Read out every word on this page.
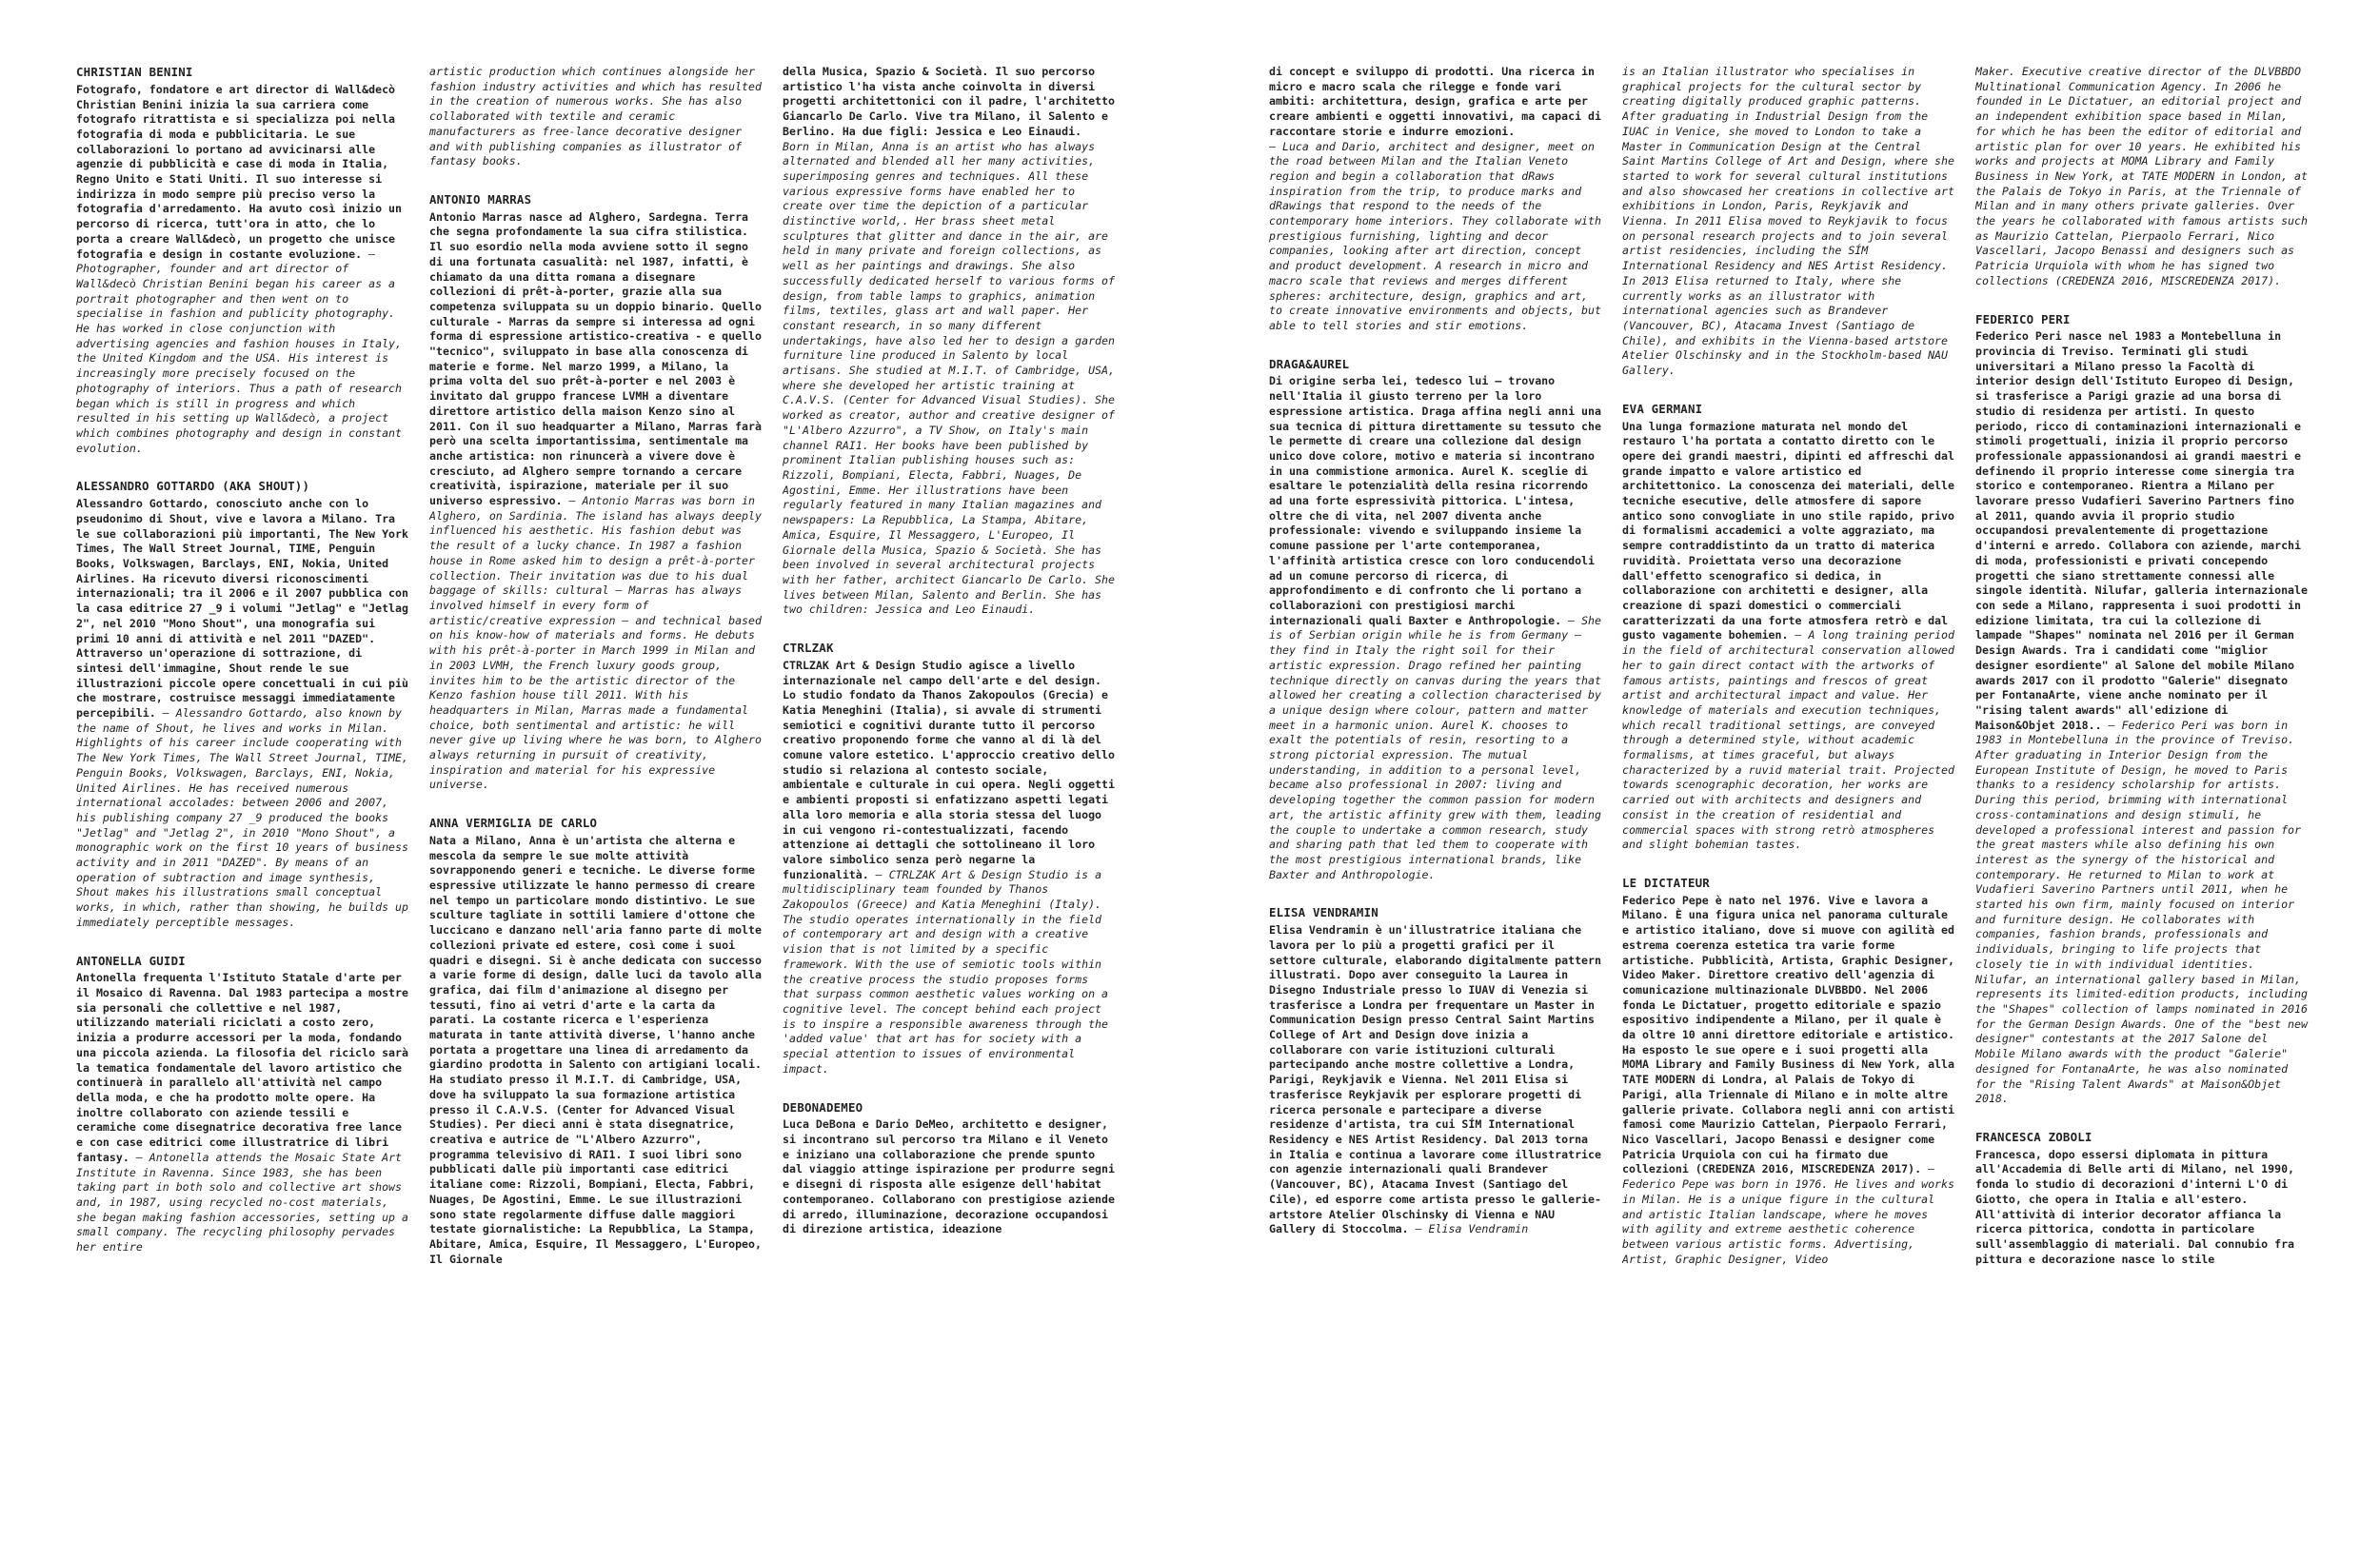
CHRISTIAN BENINI
Fotografo, fondatore e art director di Wall&decò Christian Benini inizia la sua carriera come fotografo ritrattista e si specializza poi nella fotografia di moda e pubblicitaria. Le sue collaborazioni lo portano ad avvicinarsi alle agenzie di pubblicità e case di moda in Italia, Regno Unito e Stati Uniti. Il suo interesse si indirizza in modo sempre più preciso verso la fotografia d'arredamento. Ha avuto così inizio un percorso di ricerca, tutt'ora in atto, che lo porta a creare Wall&decò, un progetto che unisce fotografia e design in costante evoluzione. – Photographer, founder and art director of Wall&decò Christian Benini began his career as a portrait photographer and then went on to specialise in fashion and publicity photography. He has worked in close conjunction with advertising agencies and fashion houses in Italy, the United Kingdom and the USA. His interest is increasingly more precisely focused on the photography of interiors. Thus a path of research began which is still in progress and which resulted in his setting up Wall&decò, a project which combines photography and design in constant evolution.
ALESSANDRO GOTTARDO (AKA SHOUT))
Alessandro Gottardo, conosciuto anche con lo pseudonimo di Shout, vive e lavora a Milano. Tra le sue collaborazioni più importanti, The New York Times, The Wall Street Journal, TIME, Penguin Books, Volkswagen, Barclays, ENI, Nokia, United Airlines. Ha ricevuto diversi riconoscimenti internazionali; tra il 2006 e il 2007 pubblica con la casa editrice 27 _9 i volumi "Jetlag" e "Jetlag 2", nel 2010 "Mono Shout", una monografia sui primi 10 anni di attività e nel 2011 "DAZED". Attraverso un'operazione di sottrazione, di sintesi dell'immagine, Shout rende le sue illustrazioni piccole opere concettuali in cui più che mostrare, costruisce messaggi immediatamente percepibili. – Alessandro Gottardo, also known by the name of Shout, he lives and works in Milan. Highlights of his career include cooperating with The New York Times, The Wall Street Journal, TIME, Penguin Books, Volkswagen, Barclays, ENI, Nokia, United Airlines. He has received numerous international accolades: between 2006 and 2007, his publishing company 27 _9 produced the books "Jetlag" and "Jetlag 2", in 2010 "Mono Shout", a monographic work on the first 10 years of business activity and in 2011 "DAZED". By means of an operation of subtraction and image synthesis, Shout makes his illustrations small conceptual works, in which, rather than showing, he builds up immediately perceptible messages.
ANTONELLA GUIDI
Antonella frequenta l'Istituto Statale d'arte per il Mosaico di Ravenna. Dal 1983 partecipa a mostre sia personali che collettive e nel 1987, utilizzando materiali riciclati a costo zero, inizia a produrre accessori per la moda, fondando una piccola azienda. La filosofia del riciclo sarà la tematica fondamentale del lavoro artistico che continuerà in parallelo all'attività nel campo della moda, e che ha prodotto molte opere. Ha inoltre collaborato con aziende tessili e ceramiche come disegnatrice decorativa free lance e con case editrici come illustratrice di libri fantasy. – Antonella attends the Mosaic State Art Institute in Ravenna. Since 1983, she has been taking part in both solo and collective art shows and, in 1987, using recycled no-cost materials, she began making fashion accessories, setting up a small company. The recycling philosophy pervades her entire
artistic production which continues alongside her fashion industry activities and which has resulted in the creation of numerous works. She has also collaborated with textile and ceramic manufacturers as free-lance decorative designer and with publishing companies as illustrator of fantasy books.
ANTONIO MARRAS
Antonio Marras nasce ad Alghero, Sardegna. Terra che segna profondamente la sua cifra stilistica. Il suo esordio nella moda avviene sotto il segno di una fortunata casualità: nel 1987, infatti, è chiamato da una ditta romana a disegnare collezioni di prêt-à-porter, grazie alla sua competenza sviluppata su un doppio binario. Quello culturale - Marras da sempre si interessa ad ogni forma di espressione artistico-creativa - e quello "tecnico", sviluppato in base alla conoscenza di materie e forme. Nel marzo 1999, a Milano, la prima volta del suo prêt-à-porter e nel 2003 è invitato dal gruppo francese LVMH a diventare direttore artistico della maison Kenzo sino al 2011. Con il suo headquarter a Milano, Marras farà però una scelta importantissima, sentimentale ma anche artistica: non rinuncerà a vivere dove è cresciuto, ad Alghero sempre tornando a cercare creatività, ispirazione, materiale per il suo universo espressivo. – Antonio Marras was born in Alghero, on Sardinia. The island has always deeply influenced his aesthetic. His fashion debut was the result of a lucky chance. In 1987 a fashion house in Rome asked him to design a prêt-à-porter collection. Their invitation was due to his dual baggage of skills: cultural – Marras has always involved himself in every form of artistic/creative expression – and technical based on his know-how of materials and forms. He debuts with his prêt-à-porter in March 1999 in Milan and in 2003 LVMH, the French luxury goods group, invites him to be the artistic director of the Kenzo fashion house till 2011. With his headquarters in Milan, Marras made a fundamental choice, both sentimental and artistic: he will never give up living where he was born, to Alghero always returning in pursuit of creativity, inspiration and material for his expressive universe.
ANNA VERMIGLIA DE CARLO
Nata a Milano, Anna è un'artista che alterna e mescola da sempre le sue molte attività sovrapponendo generi e tecniche. Le diverse forme espressive utilizzate le hanno permesso di creare nel tempo un particolare mondo distintivo. Le sue sculture tagliate in sottili lamiere d'ottone che luccicano e danzano nell'aria fanno parte di molte collezioni private ed estere, così come i suoi quadri e disegni. Si è anche dedicata con successo a varie forme di design, dalle luci da tavolo alla grafica, dai film d'animazione al disegno per tessuti, fino ai vetri d'arte e la carta da parati. La costante ricerca e l'esperienza maturata in tante attività diverse, l'hanno anche portata a progettare una linea di arredamento da giardino prodotta in Salento con artigiani locali. Ha studiato presso il M.I.T. di Cambridge, USA, dove ha sviluppato la sua formazione artistica presso il C.A.V.S. (Center for Advanced Visual Studies). Per dieci anni è stata disegnatrice, creativa e autrice de "L'Albero Azzurro", programma televisivo di RAI1. I suoi libri sono pubblicati dalle più importanti case editrici italiane come: Rizzoli, Bompiani, Electa, Fabbri, Nuages, De Agostini, Emme. Le sue illustrazioni sono state regolarmente diffuse dalle maggiori testate giornalistiche: La Repubblica, La Stampa, Abitare, Amica, Esquire, Il Messaggero, L'Europeo, Il Giornale
della Musica, Spazio & Società. Il suo percorso artistico l'ha vista anche coinvolta in diversi progetti architettonici con il padre, l'architetto Giancarlo De Carlo. Vive tra Milano, il Salento e Berlino. Ha due figli: Jessica e Leo Einaudi.
Born in Milan, Anna is an artist who has always alternated and blended all her many activities, superimposing genres and techniques. All these various expressive forms have enabled her to create over time the depiction of a particular distinctive world,. Her brass sheet metal sculptures that glitter and dance in the air, are held in many private and foreign collections, as well as her paintings and drawings. She also successfully dedicated herself to various forms of design, from table lamps to graphics, animation films, textiles, glass art and wall paper. Her constant research, in so many different undertakings, have also led her to design a garden furniture line produced in Salento by local artisans. She studied at M.I.T. of Cambridge, USA, where she developed her artistic training at C.A.V.S. (Center for Advanced Visual Studies). She worked as creator, author and creative designer of "L'Albero Azzurro", a TV Show, on Italy's main channel RAI1. Her books have been published by prominent Italian publishing houses such as: Rizzoli, Bompiani, Electa, Fabbri, Nuages, De Agostini, Emme. Her illustrations have been regularly featured in many Italian magazines and newspapers: La Repubblica, La Stampa, Abitare, Amica, Esquire, Il Messaggero, L'Europeo, Il Giornale della Musica, Spazio & Società. She has been involved in several architectural projects with her father, architect Giancarlo De Carlo. She lives between Milan, Salento and Berlin. She has two children: Jessica and Leo Einaudi.
CTRLZAK
CTRLZAK Art & Design Studio agisce a livello internazionale nel campo dell'arte e del design. Lo studio fondato da Thanos Zakopoulos (Grecia) e Katia Meneghini (Italia), si avvale di strumenti semiotici e cognitivi durante tutto il percorso creativo proponendo forme che vanno al di là del comune valore estetico. L'approccio creativo dello studio si relaziona al contesto sociale, ambientale e culturale in cui opera. Negli oggetti e ambienti proposti si enfatizzano aspetti legati alla loro memoria e alla storia stessa del luogo in cui vengono ri-contestualizzati, facendo attenzione ai dettagli che sottolineano il loro valore simbolico senza però negarne la funzionalità. – CTRLZAK Art & Design Studio is a multidisciplinary team founded by Thanos Zakopoulos (Greece) and Katia Meneghini (Italy). The studio operates internationally in the field of contemporary art and design with a creative vision that is not limited by a specific framework. With the use of semiotic tools within the creative process the studio proposes forms that surpass common aesthetic values working on a cognitive level. The concept behind each project is to inspire a responsible awareness through the 'added value' that art has for society with a special attention to issues of environmental impact.
DEBONADEMEO
Luca DeBona e Dario DeMeo, architetto e designer, si incontrano sul percorso tra Milano e il Veneto e iniziano una collaborazione che prende spunto dal viaggio attinge ispirazione per produrre segni e disegni di risposta alle esigenze dell'habitat contemporaneo. Collaborano con prestigiose aziende di arredo, illuminazione, decorazione occupandosi di direzione artistica, ideazione
di concept e sviluppo di prodotti. Una ricerca in micro e macro scala che rilegge e fonde vari ambiti: architettura, design, grafica e arte per creare ambienti e oggetti innovativi, ma capaci di raccontare storie e indurre emozioni.
– Luca and Dario, architect and designer, meet on the road between Milan and the Italian Veneto region and begin a collaboration that dRaws inspiration from the trip, to produce marks and dRawings that respond to the needs of the contemporary home interiors. They collaborate with prestigious furnishing, lighting and decor companies, looking after art direction, concept and product development. A research in micro and macro scale that reviews and merges different spheres: architecture, design, graphics and art, to create innovative environments and objects, but able to tell stories and stir emotions.
DRAGA&AUREL
Di origine serba lei, tedesco lui – trovano nell'Italia il giusto terreno per la loro espressione artistica. Draga affina negli anni una sua tecnica di pittura direttamente su tessuto che le permette di creare una collezione dal design unico dove colore, motivo e materia si incontrano in una commistione armonica. Aurel K. sceglie di esaltare le potenzialità della resina ricorrendo ad una forte espressività pittorica. L'intesa, oltre che di vita, nel 2007 diventa anche professionale: vivendo e sviluppando insieme la comune passione per l'arte contemporanea, l'affinità artistica cresce con loro conducendoli ad un comune percorso di ricerca, di approfondimento e di confronto che li portano a collaborazioni con prestigiosi marchi internazionali quali Baxter e Anthropologie. – She is of Serbian origin while he is from Germany – they find in Italy the right soil for their artistic expression. Drago refined her painting technique directly on canvas during the years that allowed her creating a collection characterised by a unique design where colour, pattern and matter meet in a harmonic union. Aurel K. chooses to exalt the potentials of resin, resorting to a strong pictorial expression. The mutual understanding, in addition to a personal level, became also professional in 2007: living and developing together the common passion for modern art, the artistic affinity grew with them, leading the couple to undertake a common research, study and sharing path that led them to cooperate with the most prestigious international brands, like Baxter and Anthropologie.
ELISA VENDRAMIN
Elisa Vendramin è un'illustratrice italiana che lavora per lo più a progetti grafici per il settore culturale, elaborando digitalmente pattern illustrati. Dopo aver conseguito la Laurea in Disegno Industriale presso lo IUAV di Venezia si trasferisce a Londra per frequentare un Master in Communication Design presso Central Saint Martins College of Art and Design dove inizia a collaborare con varie istituzioni culturali partecipando anche mostre collettive a Londra, Parigi, Reykjavik e Vienna. Nel 2011 Elisa si trasferisce Reykjavik per esplorare progetti di ricerca personale e partecipare a diverse residenze d'artista, tra cui SÍM International Residency e NES Artist Residency. Dal 2013 torna in Italia e continua a lavorare come illustratrice con agenzie internazionali quali Brandever (Vancouver, BC), Atacama Invest (Santiago del Cile), ed esporre come artista presso le gallerie-artstore Atelier Olschinsky di Vienna e NAU Gallery di Stoccolma. – Elisa Vendramin
is an Italian illustrator who specialises in graphical projects for the cultural sector by creating digitally produced graphic patterns. After graduating in Industrial Design from the IUAC in Venice, she moved to London to take a Master in Communication Design at the Central Saint Martins College of Art and Design, where she started to work for several cultural institutions and also showcased her creations in collective art exhibitions in London, Paris, Reykjavik and Vienna. In 2011 Elisa moved to Reykjavik to focus on personal research projects and to join several artist residencies, including the SÍM International Residency and NES Artist Residency. In 2013 Elisa returned to Italy, where she currently works as an illustrator with international agencies such as Brandever (Vancouver, BC), Atacama Invest (Santiago de Chile), and exhibits in the Vienna-based artstore Atelier Olschinsky and in the Stockholm-based NAU Gallery.
EVA GERMANI
Una lunga formazione maturata nel mondo del restauro l'ha portata a contatto diretto con le opere dei grandi maestri, dipinti ed affreschi dal grande impatto e valore artistico ed architettonico. La conoscenza dei materiali, delle tecniche esecutive, delle atmosfere di sapore antico sono convogliate in uno stile rapido, privo di formalismi accademici a volte aggraziato, ma sempre contraddistinto da un tratto di materica ruvidità. Proiettata verso una decorazione dall'effetto scenografico si dedica, in collaborazione con architetti e designer, alla creazione di spazi domestici o commerciali caratterizzati da una forte atmosfera retrò e dal gusto vagamente bohemien. – A long training period in the field of architectural conservation allowed her to gain direct contact with the artworks of famous artists, paintings and frescos of great artist and architectural impact and value. Her knowledge of materials and execution techniques, which recall traditional settings, are conveyed through a determined style, without academic formalisms, at times graceful, but always characterized by a ruvid material trait. Projected towards scenographic decoration, her works are carried out with architects and designers and consist in the creation of residential and commercial spaces with strong retrò atmospheres and slight bohemian tastes.
LE DICTATEUR
Federico Pepe è nato nel 1976. Vive e lavora a Milano. È una figura unica nel panorama culturale e artistico italiano, dove si muove con agilità ed estrema coerenza estetica tra varie forme artistiche. Pubblicità, Artista, Graphic Designer, Video Maker. Direttore creativo dell'agenzia di comunicazione multinazionale DLVBBDO. Nel 2006 fonda Le Dictatuer, progetto editoriale e spazio espositivo indipendente a Milano, per il quale è da oltre 10 anni direttore editoriale e artistico. Ha esposto le sue opere e i suoi progetti alla MOMA Library and Family Business di New York, alla TATE MODERN di Londra, al Palais de Tokyo di Parigi, alla Triennale di Milano e in molte altre gallerie private. Collabora negli anni con artisti famosi come Maurizio Cattelan, Pierpaolo Ferrari, Nico Vascellari, Jacopo Benassi e designer come Patricia Urquiola con cui ha firmato due collezioni (CREDENZA 2016, MISCREDENZA 2017). – Federico Pepe was born in 1976. He lives and works in Milan. He is a unique figure in the cultural and artistic Italian landscape, where he moves with agility and extreme aesthetic coherence between various artistic forms. Advertising, Artist, Graphic Designer, Video
Maker. Executive creative director of the DLVBBDO Multinational Communication Agency. In 2006 he founded in Le Dictatuer, an editorial project and an independent exhibition space based in Milan, for which he has been the editor of editorial and artistic plan for over 10 years. He exhibited his works and projects at MOMA Library and Family Business in New York, at TATE MODERN in London, at the Palais de Tokyo in Paris, at the Triennale of Milan and in many others private galleries. Over the years he collaborated with famous artists such as Maurizio Cattelan, Pierpaolo Ferrari, Nico Vascellari, Jacopo Benassi and designers such as Patricia Urquiola with whom he has signed two collections (CREDENZA 2016, MISCREDENZA 2017).
FEDERICO PERI
Federico Peri nasce nel 1983 a Montebelluna in provincia di Treviso. Terminati gli studi universitari a Milano presso la Facoltà di interior design dell'Istituto Europeo di Design, si trasferisce a Parigi grazie ad una borsa di studio di residenza per artisti. In questo periodo, ricco di contaminazioni internazionali e stimoli progettuali, inizia il proprio percorso professionale appassionandosi ai grandi maestri e definendo il proprio interesse come sinergia tra storico e contemporaneo. Rientra a Milano per lavorare presso Vudafieri Saverino Partners fino al 2011, quando avvia il proprio studio occupandosi prevalentemente di progettazione d'interni e arredo. Collabora con aziende, marchi di moda, professionisti e privati concependo progetti che siano strettamente connessi alle singole identità. Nilufar, galleria internazionale con sede a Milano, rappresenta i suoi prodotti in edizione limitata, tra cui la collezione di lampade "Shapes" nominata nel 2016 per il German Design Awards. Tra i candidati come "miglior designer esordiente" al Salone del mobile Milano awards 2017 con il prodotto "Galerie" disegnato per FontanaArte, viene anche nominato per il "rising talent awards" all'edizione di Maison&Objet 2018.. – Federico Peri was born in 1983 in Montebelluna in the province of Treviso. After graduating in Interior Design from the European Institute of Design, he moved to Paris thanks to a residency scholarship for artists. During this period, brimming with international cross-contaminations and design stimuli, he developed a professional interest and passion for the great masters while also defining his own interest as the synergy of the historical and contemporary. He returned to Milan to work at Vudafieri Saverino Partners until 2011, when he started his own firm, mainly focused on interior and furniture design. He collaborates with companies, fashion brands, professionals and individuals, bringing to life projects that closely tie in with individual identities. Nilufar, an international gallery based in Milan, represents its limited-edition products, including the "Shapes" collection of lamps nominated in 2016 for the German Design Awards. One of the "best new designer" contestants at the 2017 Salone del Mobile Milano awards with the product "Galerie" designed for FontanaArte, he was also nominated for the "Rising Talent Awards" at Maison&Objet 2018.
FRANCESCA ZOBOLI
Francesca, dopo essersi diplomata in pittura all'Accademia di Belle arti di Milano, nel 1990, fonda lo studio di decorazioni d'interni L'O di Giotto, che opera in Italia e all'estero. All'attività di interior decorator affianca la ricerca pittorica, condotta in particolare sull'assemblaggio di materiali. Dal connubio fra pittura e decorazione nasce lo stile
